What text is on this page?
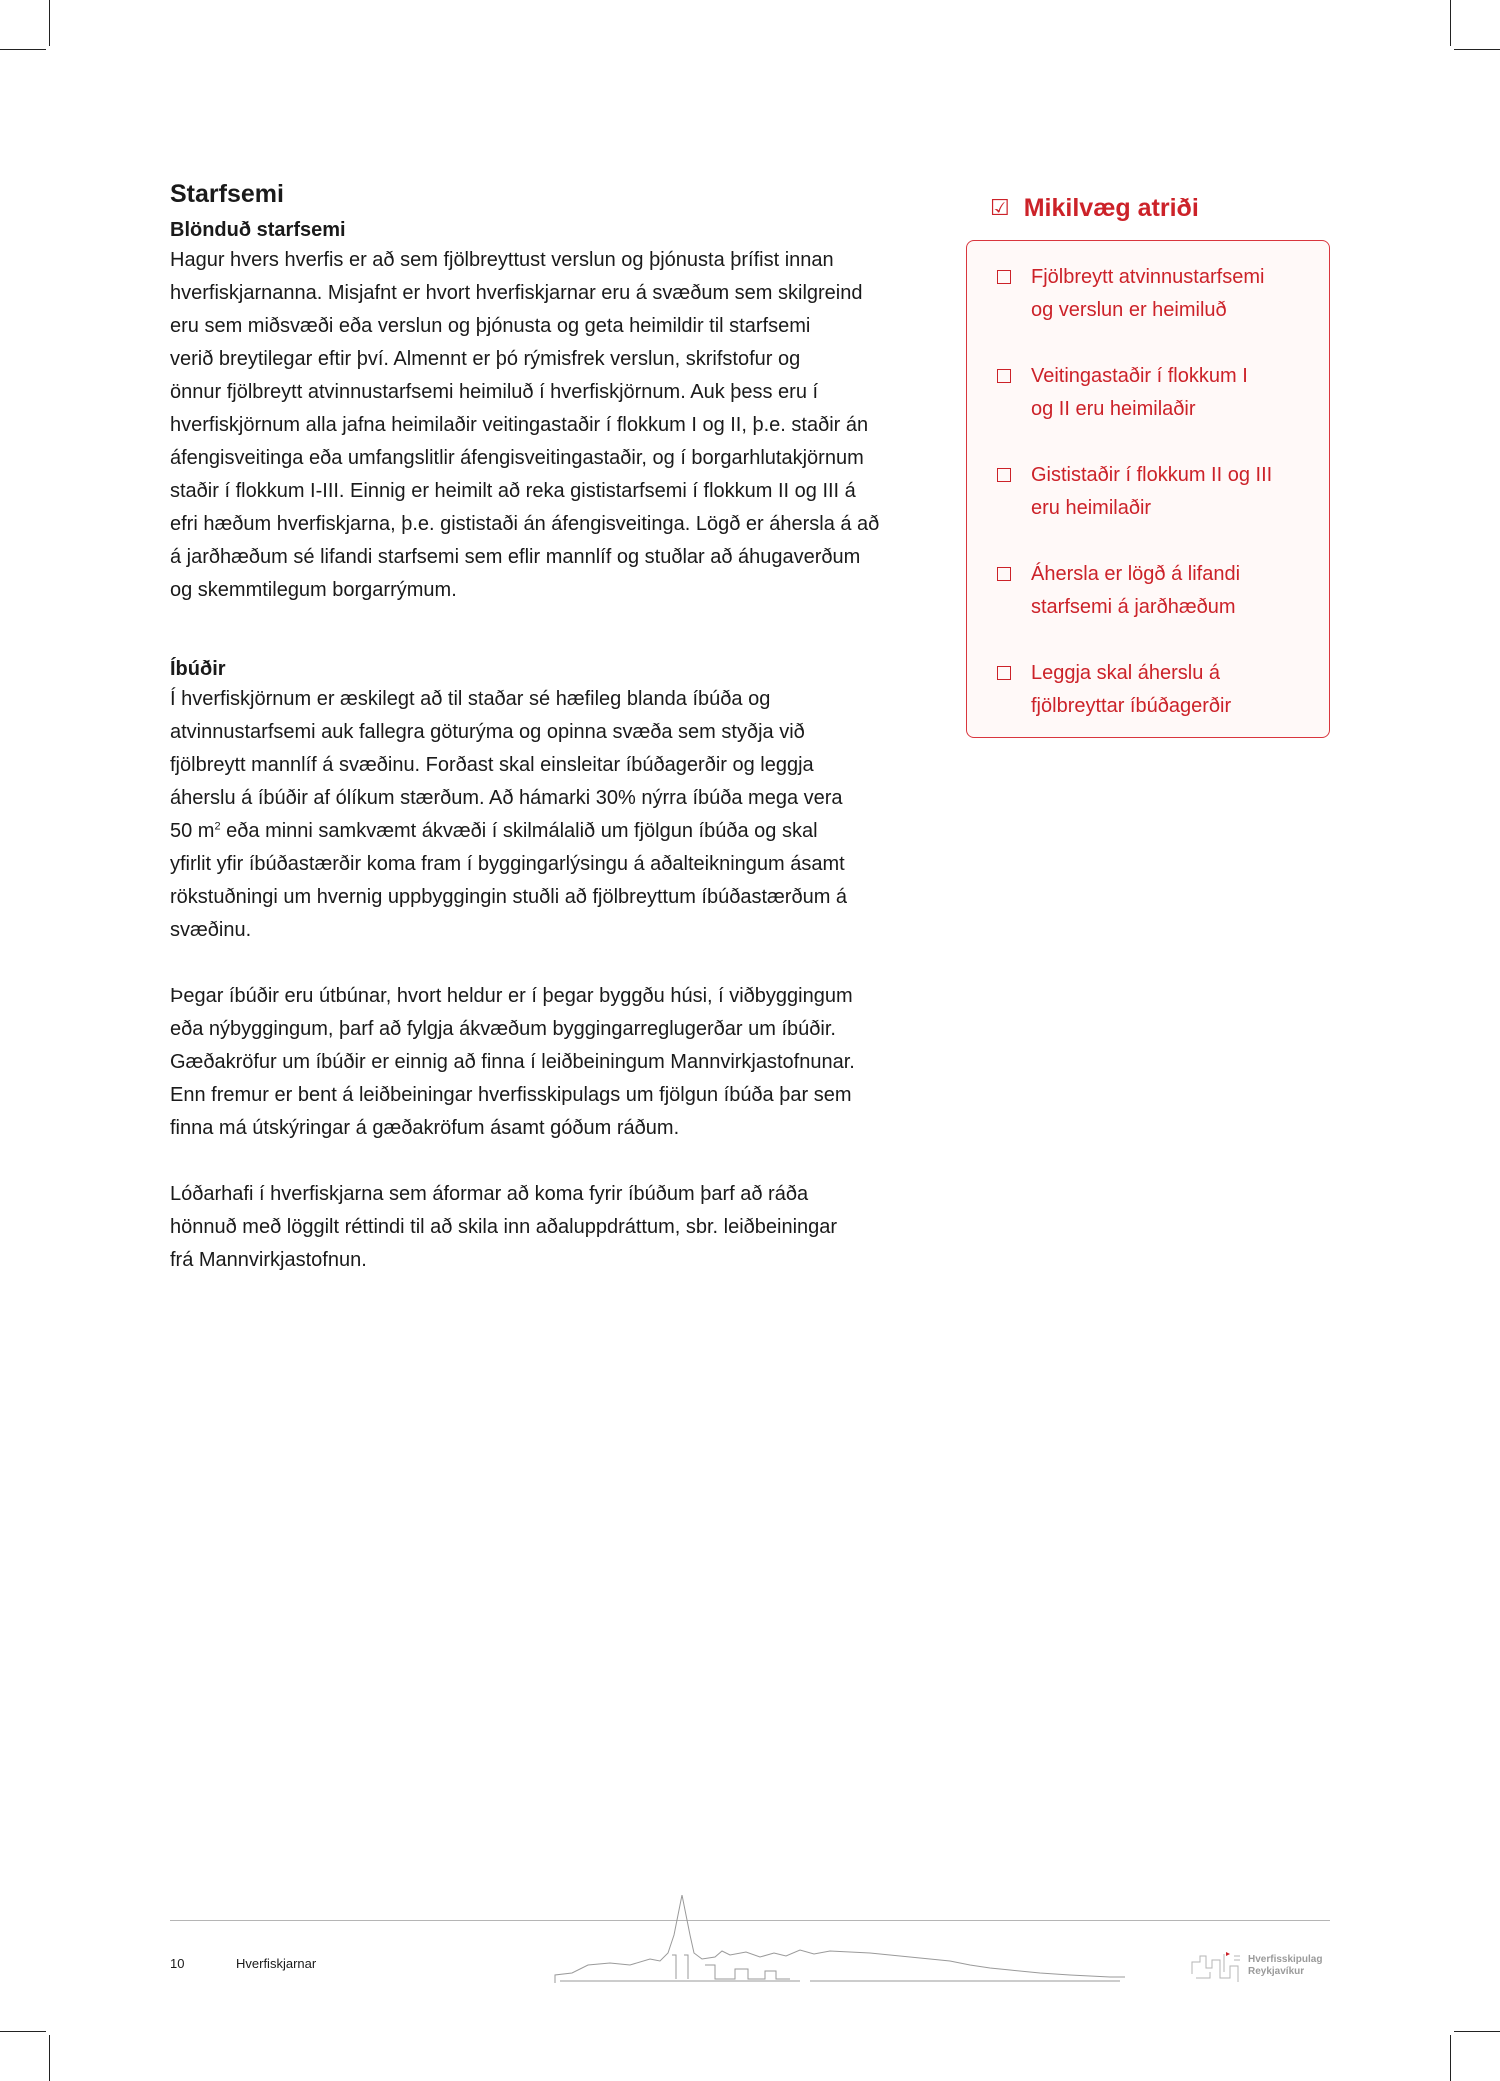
Starfsemi
Blönduð starfsemi
Hagur hvers hverfis er að sem fjölbreyttust verslun og þjónusta þrífist innan
hverfiskjarnanna. Misjafnt er hvort hverfiskjarnar eru á svæðum sem skilgreind
eru sem miðsvæði eða verslun og þjónusta og geta heimildir til starfsemi
verið breytilegar eftir því. Almennt er þó rýmisfrek verslun, skrifstofur og
önnur fjölbreytt atvinnustarfsemi heimiluð í hverfiskjörnum. Auk þess eru í
hverfiskjörnum alla jafna heimilaðir veitingastaðir í flokkum I og II, þ.e. staðir án
áfengisveitinga eða umfangslitlir áfengisveitingastaðir, og í borgarhlutakjörnum
staðir í flokkum I-III. Einnig er heimilt að reka gististarfsemi í flokkum II og III á
efri hæðum hverfiskjarna, þ.e. gististaði án áfengisveitinga. Lögð er áhersla á að
á jarðhæðum sé lifandi starfsemi sem eflir mannlíf og stuðlar að áhugaverðum
og skemmtilegum borgarrýmum.
Íbúðir
Í hverfiskjörnum er æskilegt að til staðar sé hæfileg blanda íbúða og
atvinnustarfsemi auk fallegra göturýma og opinna svæða sem styðja við
fjölbreytt mannlíf á svæðinu. Forðast skal einsleitar íbúðagerðir og leggja
áherslu á íbúðir af ólíkum stærðum. Að hámarki 30% nýrra íbúða mega vera
50 $m^2$ eða minni samkvæmt ákvæði í skilmálalið um fjölgun íbúða og skal
yfirlit yfir íbúðastærðir koma fram í byggingarlýsingu á aðalteikningum ásamt
rökstuðningi um hvernig uppbyggingin stuðli að fjölbreyttum íbúðastærðum á
svæðinu.
Þegar íbúðir eru útbúnar, hvort heldur er í þegar byggðu húsi, í viðbyggingum
eða nýbyggingum, þarf að fylgja ákvæðum byggingarreglugerðar um íbúðir.
Gæðakröfur um íbúðir er einnig að finna í leiðbeiningum Mannvirkjastofnunar.
Enn fremur er bent á leiðbeiningar hverfisskipulags um fjölgun íbúða þar sem
finna má útskýringar á gæðakröfum ásamt góðum ráðum.
Lóðarhafi í hverfiskjarna sem áformar að koma fyrir íbúðum þarf að ráða
hönnuð með löggilt réttindi til að skila inn aðaluppdráttum, sbr. leiðbeiningar
frá Mannvirkjastofnun.
☑ Mikilvæg atriði
Fjölbreytt atvinnustarfsemi
og verslun er heimiluð
Veitingastaðir í flokkum I
og II eru heimilaðir
Gististaðir í flokkum II og III
eru heimilaðir
Áhersla er lögð á lifandi
starfsemi á jarðhæðum
Leggja skal áherslu á
fjölbreyttar íbúðagerðir
10	Hverfiskjarnar	Hverfisskipulag
Reykjavíkur
